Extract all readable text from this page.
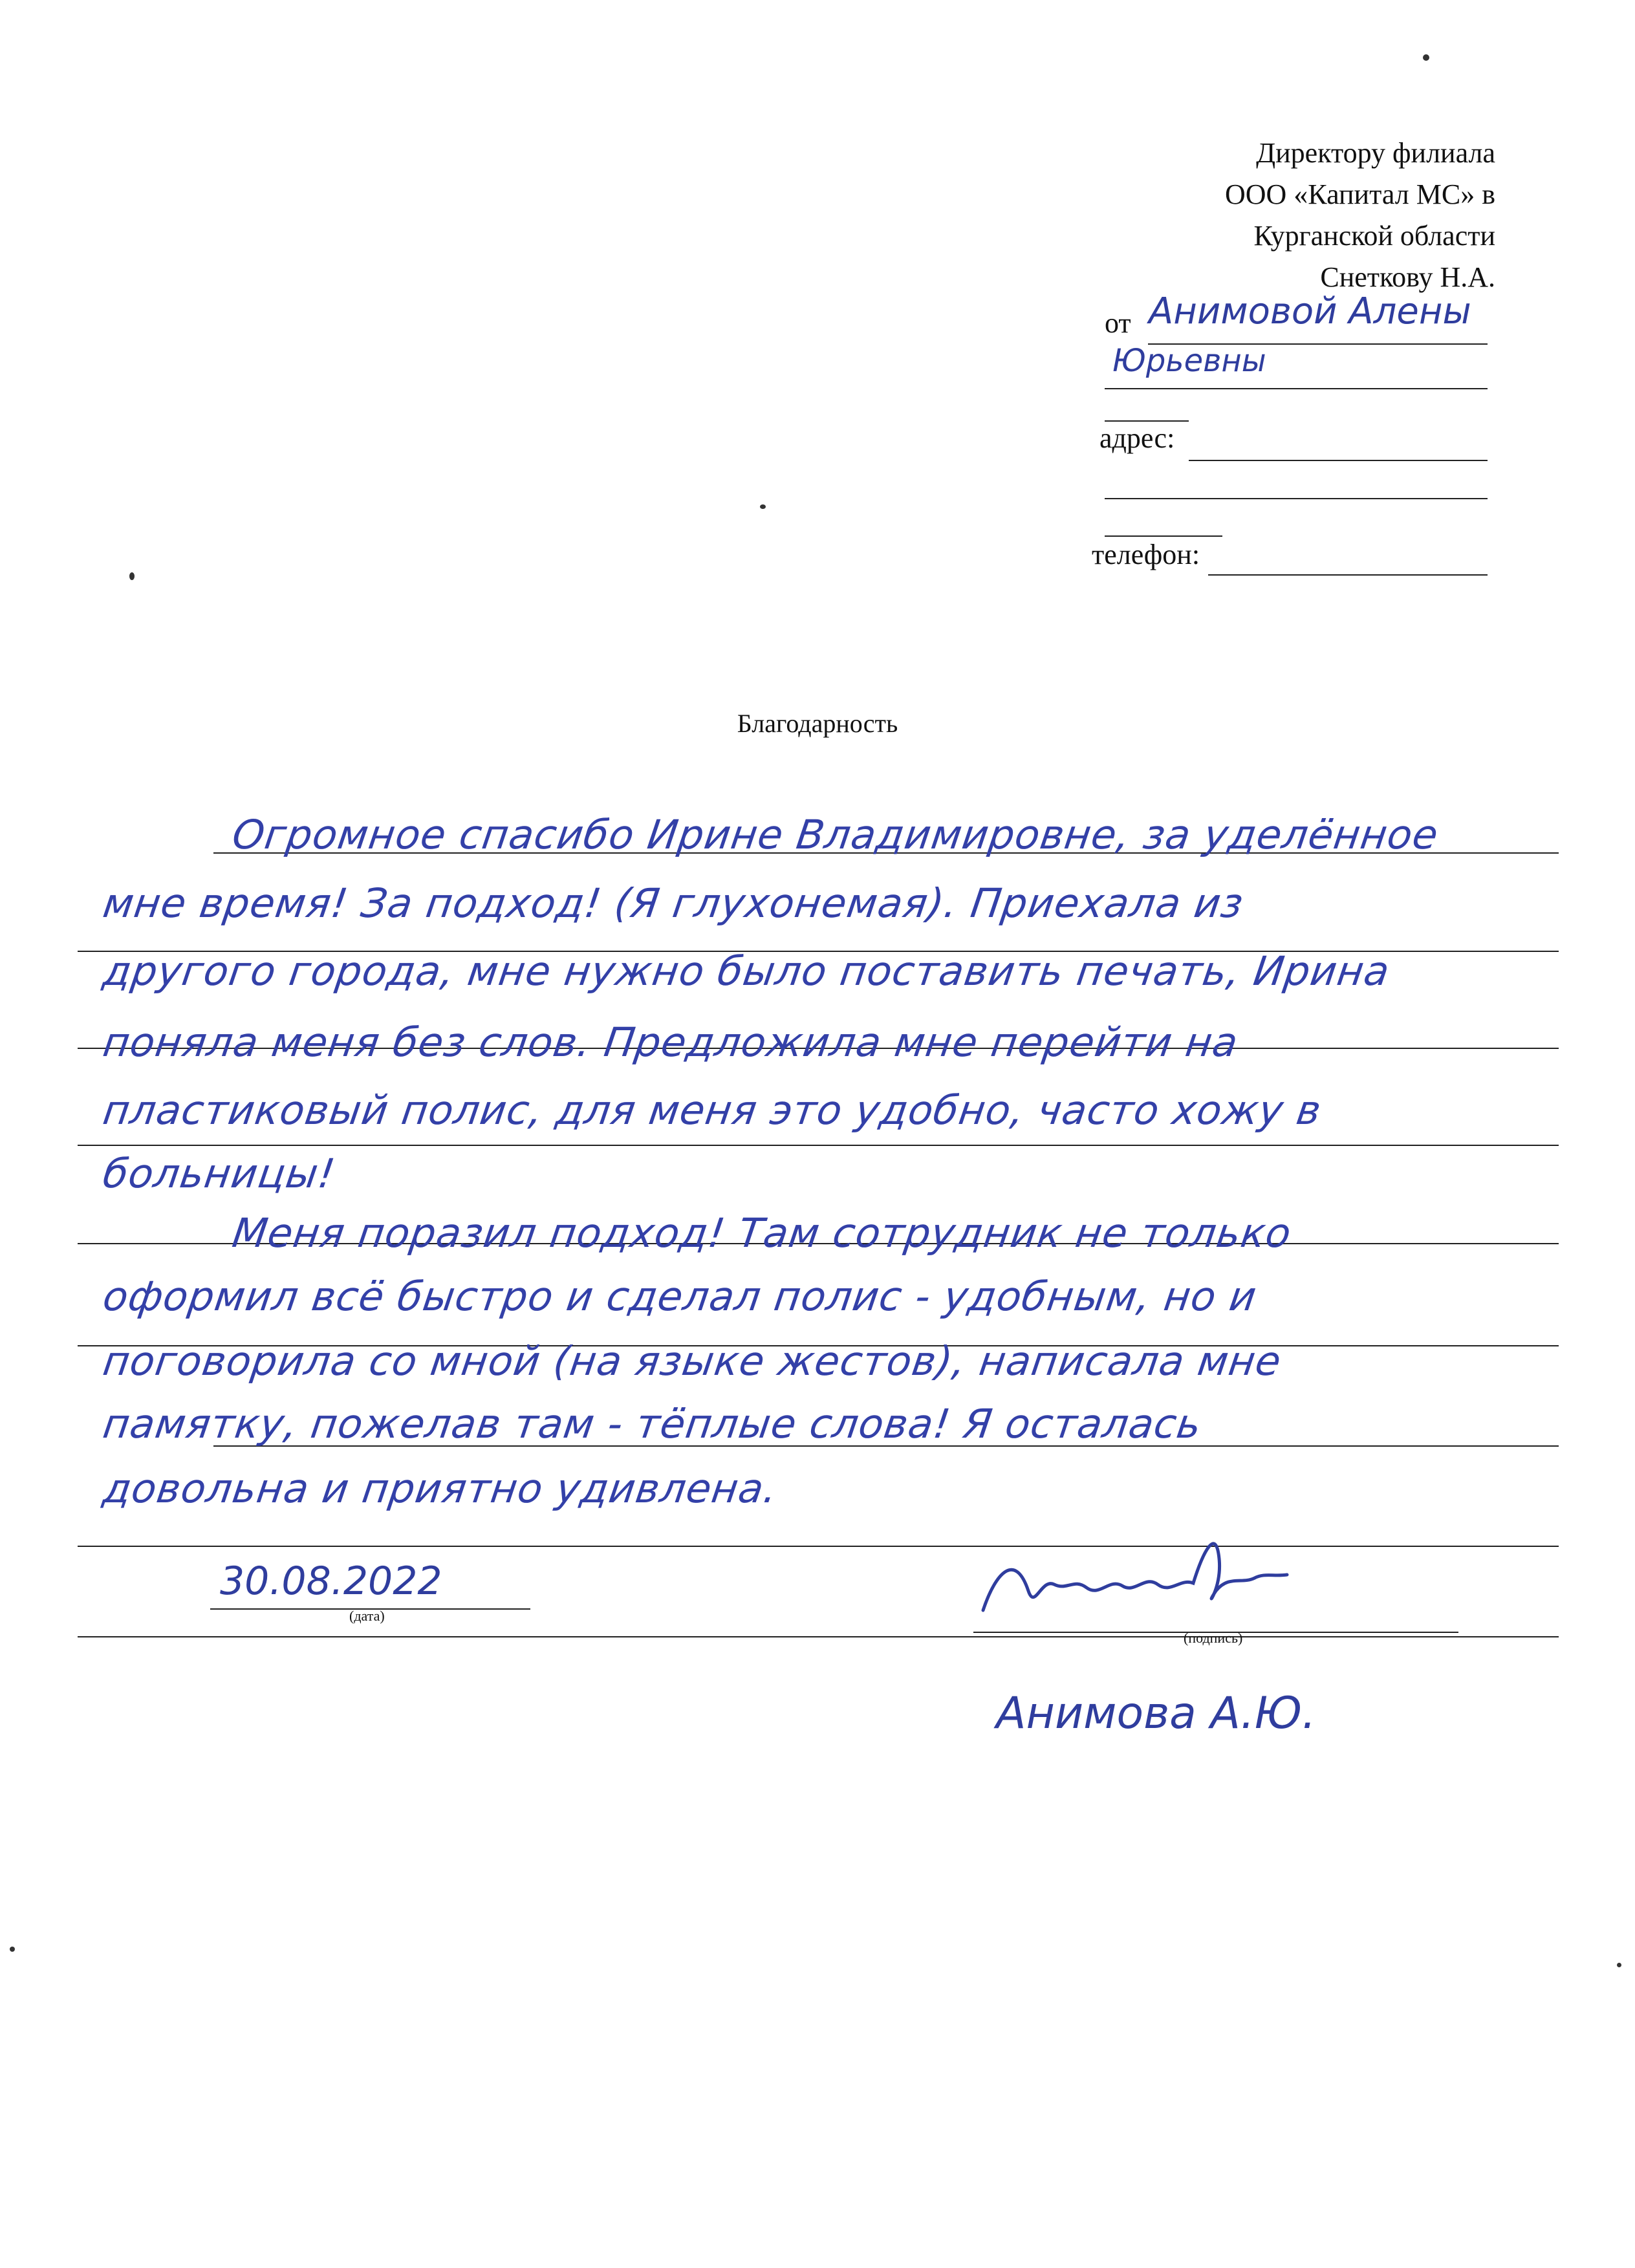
Директору филиала
ООО «Капитал МС» в
Курганской области
Снеткову Н.А.
от Анимовой Алены
Юрьевны
адрес:
телефон:
Благодарность
Огромное спасибо Ирине Владимировне, за уделённое
мне время! За подход! (Я глухонемая). Приехала из
другого города, мне нужно было поставить печать, Ирина
поняла меня без слов. Предложила мне перейти на
пластиковый полис, для меня это удобно, часто хожу в
больницы!
Меня поразил подход! Там сотрудник не только
оформил всё быстро и сделал полис - удобным, но и
поговорила со мной (на языке жестов), написала мне
памятку, пожелав там - тёплые слова! Я осталась
довольна и приятно удивлена.
30.08.2022
(дата)
(подпись)
Анимова А.Ю.
